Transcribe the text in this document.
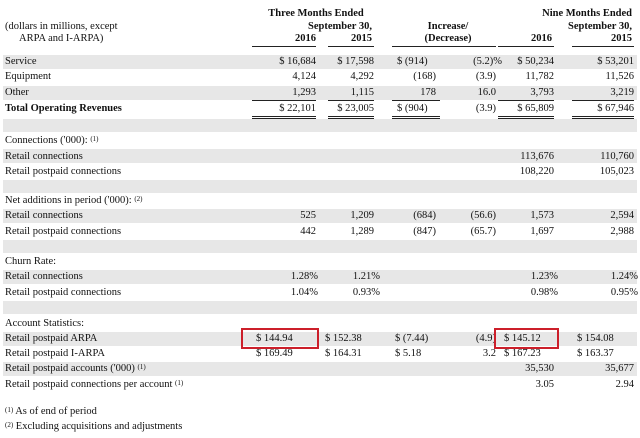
(dollars in millions, except
ARPA and I-ARPA)
Three Months Ended
September 30,	Increase/
(Decrease)
Nine Months Ended
September 30,
2016	2015	2016	2015
Service	$ 16,684	$ 17,598 $ (914)	(5.2)%	$ 50,234	$ 53,201
Equipment	4,124	4,292	(168)	(3.9)	11,782	11,526
Other	1,293	1,115	178	16.0	3,793	3,219
Total Operating Revenues	$ 22,101	$ 23,005 $ (904)	(3.9)	$ 65,809	$ 67,946
Connections ('000): $^{(1)}$
Retail connections	113,676	110,760
Retail postpaid connections	108,220	105,023
Net additions in period ('000): $^{(2)}$
Retail connections	525	1,209	(684)	(56.6)	1,573	2,594
Retail postpaid connections	442	1,289	(847)	(65.7)	1,697	2,988
Churn Rate:
Retail connections	1.28%	1.21%	1.23%	1.24%
Retail postpaid connections	1.04%	0.93%	0.98%	0.95%
Account Statistics:
Retail postpaid ARPA	$ 144.94	$ 152.38	$ (7.44)	(4.9) $ 145.12	$ 154.08
Retail postpaid I-ARPA	$ 169.49	$ 164.31	$ 5.18	3.2 $ 167.23	$ 163.37
Retail postpaid accounts ('000) $^{(1)}$	35,530	35,677
Retail postpaid connections per account $^{(1)}$	3.05	2.94
$^{(1)}$ As of end of period
$^{(2)}$ Excluding acquisitions and adjustments
